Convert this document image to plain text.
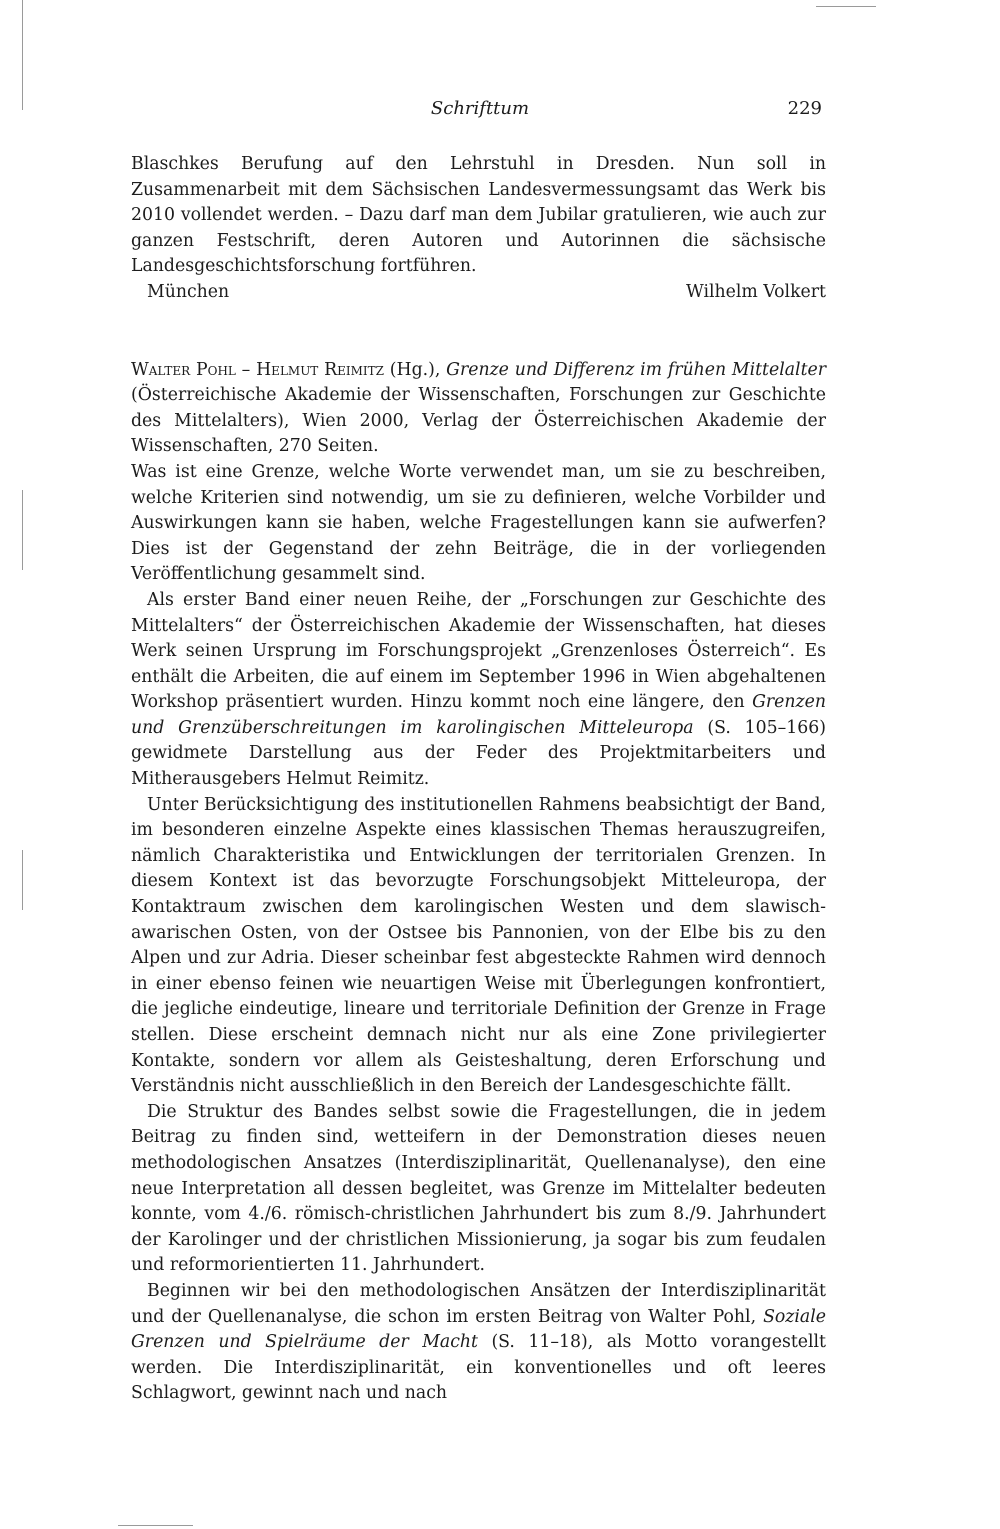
Schrifttum	229

Blaschkes Berufung auf den Lehrstuhl in Dresden. Nun soll in Zusammenarbeit mit dem Sächsischen Landesvermessungsamt das Werk bis 2010 vollendet werden. – Dazu darf man dem Jubilar gratulieren, wie auch zur ganzen Festschrift, deren Autoren und Autorinnen die sächsische Landesgeschichtsforschung fortführen.

München	Wilhelm Volkert

Walter Pohl – Helmut Reimitz (Hg.), Grenze und Differenz im frühen Mittelalter (Österreichische Akademie der Wissenschaften, Forschungen zur Geschichte des Mittelalters), Wien 2000, Verlag der Österreichischen Akademie der Wissenschaften, 270 Seiten.

Was ist eine Grenze, welche Worte verwendet man, um sie zu beschreiben, welche Kriterien sind notwendig, um sie zu definieren, welche Vorbilder und Auswirkungen kann sie haben, welche Fragestellungen kann sie aufwerfen? Dies ist der Gegenstand der zehn Beiträge, die in der vorliegenden Veröffentlichung gesammelt sind.

Als erster Band einer neuen Reihe, der „Forschungen zur Geschichte des Mittelalters“ der Österreichischen Akademie der Wissenschaften, hat dieses Werk seinen Ursprung im Forschungsprojekt „Grenzenloses Österreich“. Es enthält die Arbeiten, die auf einem im September 1996 in Wien abgehaltenen Workshop präsentiert wurden. Hinzu kommt noch eine längere, den Grenzen und Grenzüberschreitungen im karolingischen Mitteleuropa (S. 105–166) gewidmete Darstellung aus der Feder des Projektmitarbeiters und Mitherausgebers Helmut Reimitz.

Unter Berücksichtigung des institutionellen Rahmens beabsichtigt der Band, im besonderen einzelne Aspekte eines klassischen Themas herauszugreifen, nämlich Charakteristika und Entwicklungen der territorialen Grenzen. In diesem Kontext ist das bevorzugte Forschungsobjekt Mitteleuropa, der Kontaktraum zwischen dem karolingischen Westen und dem slawisch-awarischen Osten, von der Ostsee bis Pannonien, von der Elbe bis zu den Alpen und zur Adria. Dieser scheinbar fest abgesteckte Rahmen wird dennoch in einer ebenso feinen wie neuartigen Weise mit Überlegungen konfrontiert, die jegliche eindeutige, lineare und territoriale Definition der Grenze in Frage stellen. Diese erscheint demnach nicht nur als eine Zone privilegierter Kontakte, sondern vor allem als Geisteshaltung, deren Erforschung und Verständnis nicht ausschließlich in den Bereich der Landesgeschichte fällt.

Die Struktur des Bandes selbst sowie die Fragestellungen, die in jedem Beitrag zu finden sind, wetteifern in der Demonstration dieses neuen methodologischen Ansatzes (Interdisziplinarität, Quellenanalyse), den eine neue Interpretation all dessen begleitet, was Grenze im Mittelalter bedeuten konnte, vom 4./6. römisch-christlichen Jahrhundert bis zum 8./9. Jahrhundert der Karolinger und der christlichen Missionierung, ja sogar bis zum feudalen und reformorientierten 11. Jahrhundert.

Beginnen wir bei den methodologischen Ansätzen der Interdisziplinarität und der Quellenanalyse, die schon im ersten Beitrag von Walter Pohl, Soziale Grenzen und Spielräume der Macht (S. 11–18), als Motto vorangestellt werden. Die Interdisziplinarität, ein konventionelles und oft leeres Schlagwort, gewinnt nach und nach
